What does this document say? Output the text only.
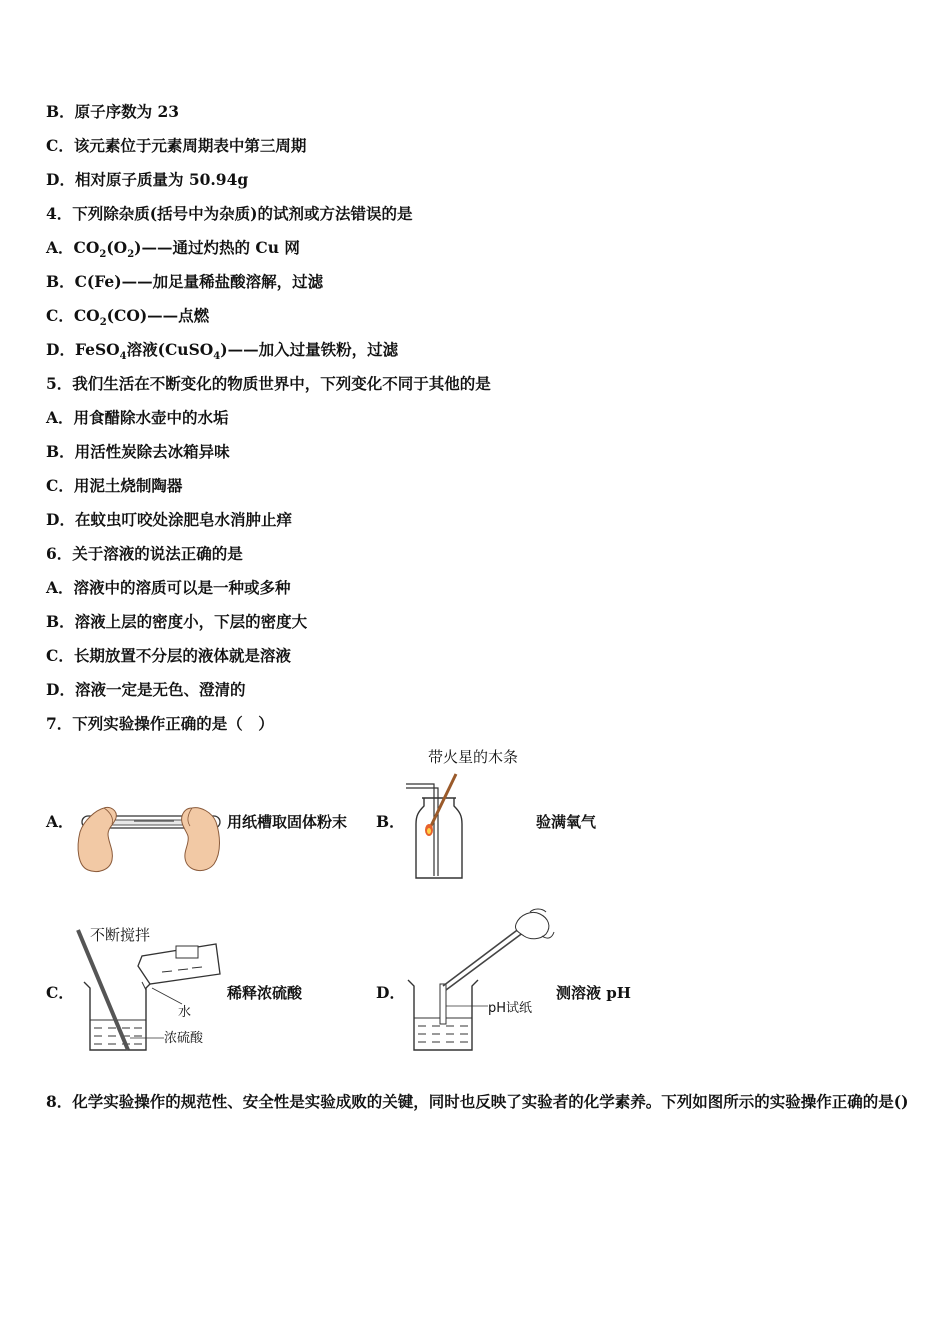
B．原子序数为 23
C．该元素位于元素周期表中第三周期
D．相对原子质量为 50.94g
4．下列除杂质(括号中为杂质)的试剂或方法错误的是
A．$CO_2(O_2)——$通过灼热的 Cu 网
B．C(Fe)——加足量稀盐酸溶解，过滤
C．$CO_2(CO)——$点燃
D．FeSO$_4$溶液(CuSO$_4$)——加入过量铁粉，过滤
5．我们生活在不断变化的物质世界中，下列变化不同于其他的是
A．用食醋除水壶中的水垢
B．用活性炭除去冰箱异味
C．用泥土烧制陶器
D．在蚊虫叮咬处涂肥皂水消肿止痒
6．关于溶液的说法正确的是
A．溶液中的溶质可以是一种或多种
B．溶液上层的密度小，下层的密度大
C．长期放置不分层的液体就是溶液
D．溶液一定是无色、澄清的
7．下列实验操作正确的是（　）
A．	用纸槽取固体粉末 B．
带火星的木条
验满氧气
C．
不断搅拌
水
浓硫酸
稀释浓硫酸	D．
pH试纸
测溶液 pH
8．化学实验操作的规范性、安全性是实验成败的关键，同时也反映了实验者的化学素养。下列如图所示的实验操作正确的是()
